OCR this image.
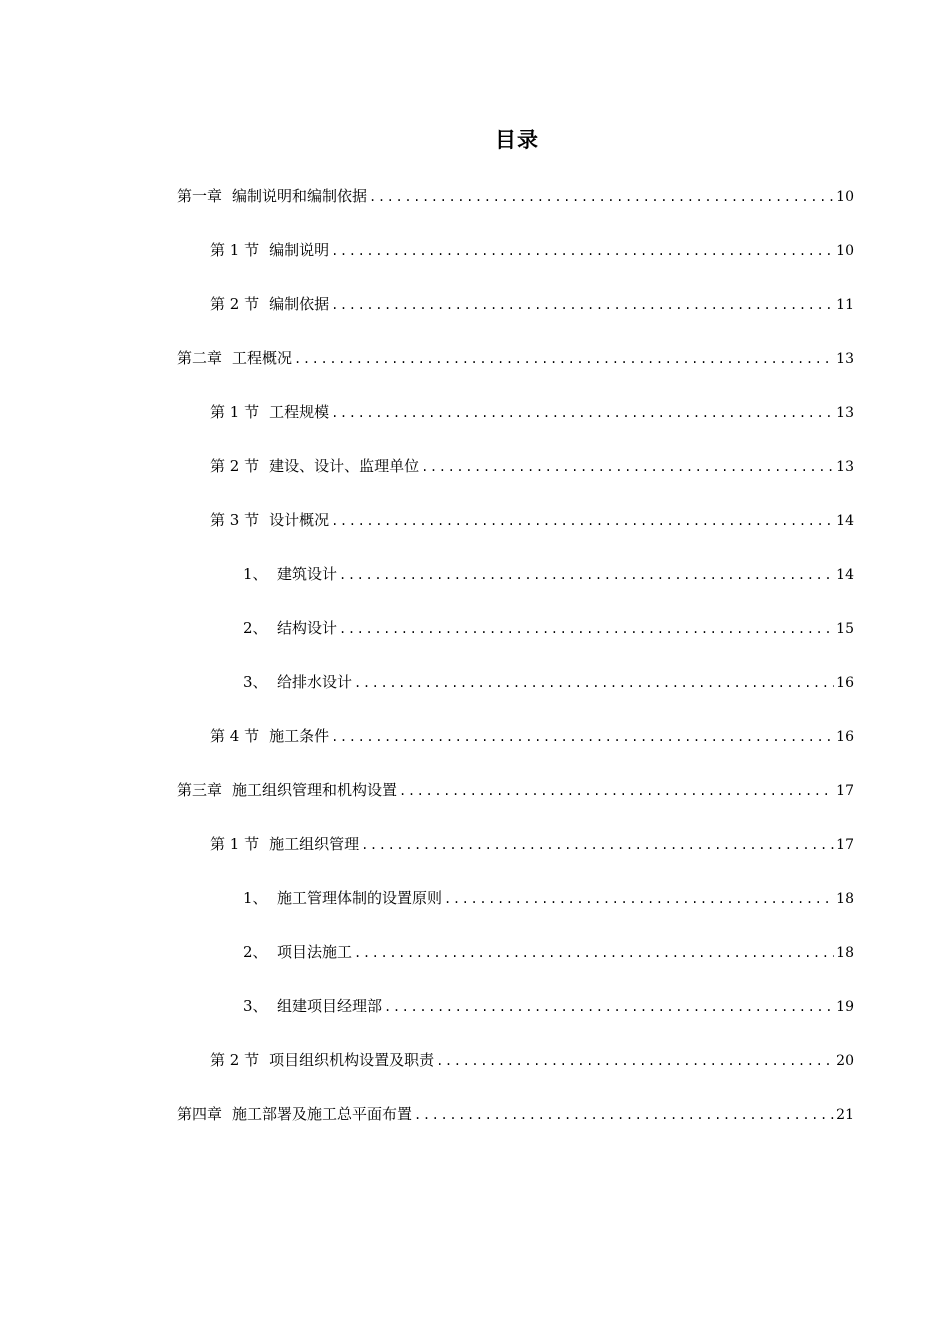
目录
第一章 编制说明和编制依据 .....	10
第 1 节 编制说明 .....	10
第 2 节 编制依据 .....	11
第二章 工程概况 .....	13
第 1 节 工程规模 .....	13
第 2 节 建设、设计、监理单位 .....	13
第 3 节 设计概况 .....	14
1、 建筑设计 .....	14
2、 结构设计 .....	15
3、 给排水设计 .....	16
第 4 节 施工条件 .....	16
第三章 施工组织管理和机构设置 .....	17
第 1 节 施工组织管理 .....	17
1、 施工管理体制的设置原则 .....	18
2、 项目法施工 .....	18
3、 组建项目经理部 .....	19
第 2 节 项目组织机构设置及职责 .....	20
第四章 施工部署及施工总平面布置 .....	21
